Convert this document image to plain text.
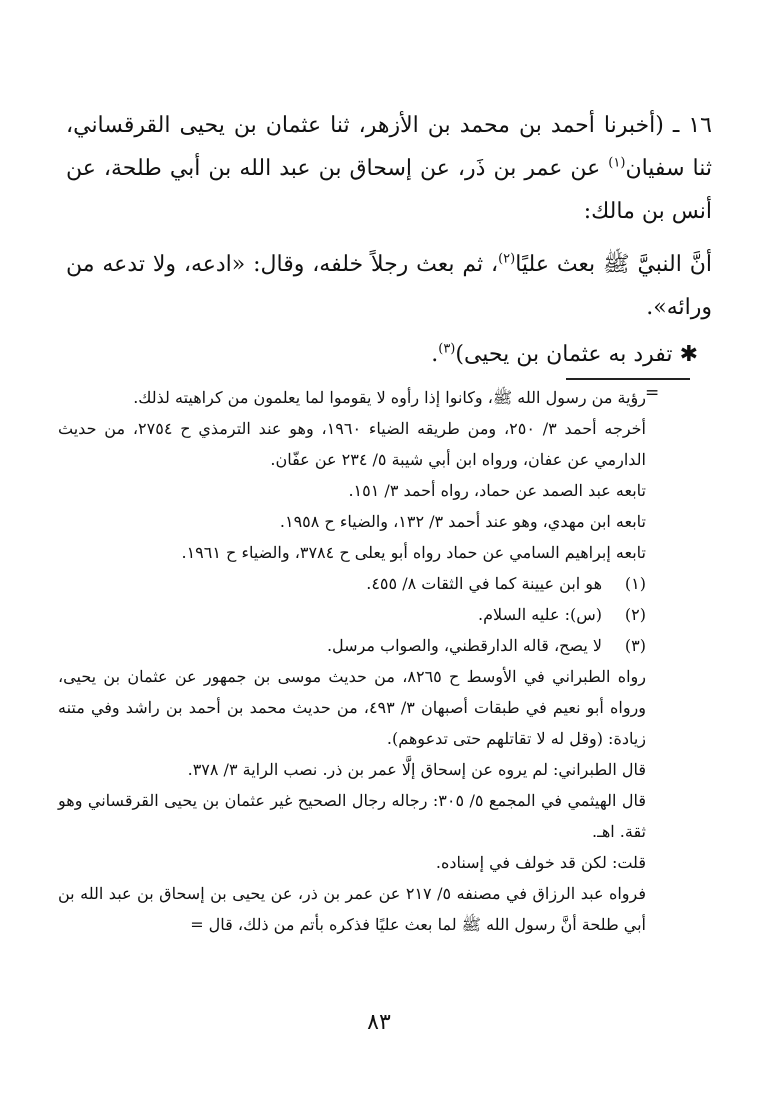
١٦ ـ (أخبرنا أحمد بن محمد بن الأزهر، ثنا عثمان بن يحيى القرقساني، ثنا سفيان$^{(١)}$ عن عمر بن ذَر، عن إسحاق بن عبد الله بن أبي طلحة، عن أنس بن مالك:

أنَّ النبيَّ ﷺ بعث عليًا$^{(٢)}$، ثم بعث رجلاً خلفه، وقال: «ادعه، ولا تدعه من ورائه».

✱ تفرد به عثمان بن يحيى)$^{(٣)}$.

=

رؤية من رسول الله ﷺ، وكانوا إذا رأوه لا يقوموا لما يعلمون من كراهيته لذلك.

أخرجه أحمد ٣/ ٢٥٠، ومن طريقه الضياء ١٩٦٠، وهو عند الترمذي ح ٢٧٥٤، من حديث الدارمي عن عفان، ورواه ابن أبي شيبة ٥/ ٢٣٤ عن عفّان.

تابعه عبد الصمد عن حماد، رواه أحمد ٣/ ١٥١.

تابعه ابن مهدي، وهو عند أحمد ٣/ ١٣٢، والضياء ح ١٩٥٨.

تابعه إبراهيم السامي عن حماد رواه أبو يعلى ح ٣٧٨٤، والضياء ح ١٩٦١.

(١)
هو ابن عيينة كما في الثقات ٨/ ٤٥٥.
(٢)
(س): عليه السلام.
(٣)
لا يصح، قاله الدارقطني، والصواب مرسل.

رواه الطبراني في الأوسط ح ٨٢٦٥، من حديث موسى بن جمهور عن عثمان بن يحيى، ورواه أبو نعيم في طبقات أصبهان ٣/ ٤٩٣، من حديث محمد بن أحمد بن راشد وفي متنه زيادة: (وقل له لا تقاتلهم حتى تدعوهم).

قال الطبراني: لم يروه عن إسحاق إلَّا عمر بن ذر. نصب الراية ٣/ ٣٧٨.

قال الهيثمي في المجمع ٥/ ٣٠٥: رجاله رجال الصحيح غير عثمان بن يحيى القرقساني وهو ثقة. اهـ.

قلت: لكن قد خولف في إسناده.

فرواه عبد الرزاق في مصنفه ٥/ ٢١٧ عن عمر بن ذر، عن يحيى بن إسحاق بن عبد الله بن أبي طلحة أنَّ رسول الله ﷺ لما بعث عليًا فذكره بأتم من ذلك، قال =

٨٣
